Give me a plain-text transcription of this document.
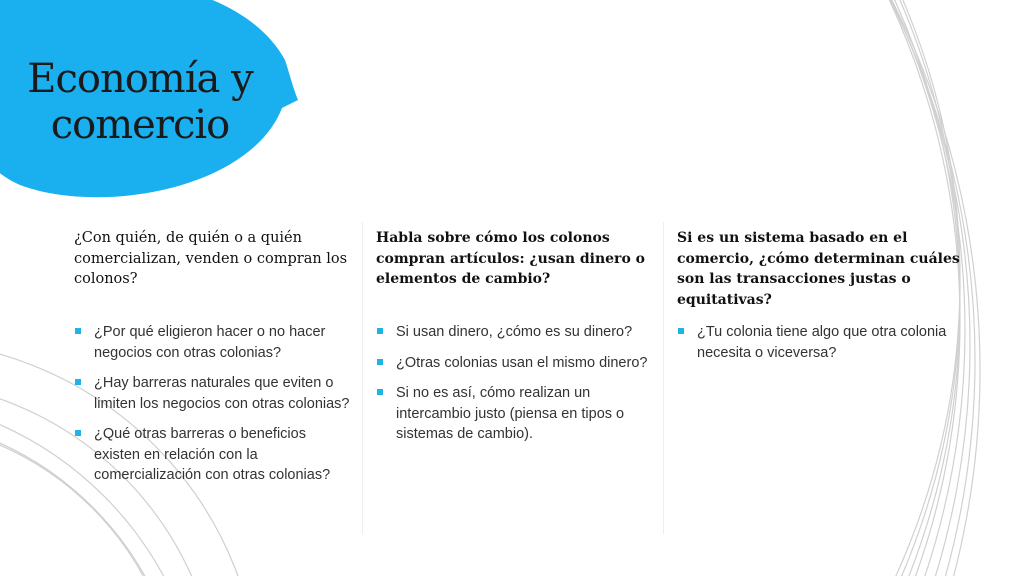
Economía y
comercio
¿Con quién, de quién o a quién comercializan, venden o compran los colonos?
¿Por qué eligieron hacer o no hacer negocios con otras colonias?
¿Hay barreras naturales que eviten o limiten los negocios con otras colonias?
¿Qué otras barreras o beneficios existen en relación con la comercialización con otras colonias?
Habla sobre cómo los colonos compran artículos: ¿usan dinero o elementos de cambio?
Si usan dinero, ¿cómo es su dinero?
¿Otras colonias usan el mismo dinero?
Si no es así, cómo realizan un intercambio justo (piensa en tipos o sistemas de cambio).
Si es un sistema basado en el comercio, ¿cómo determinan cuáles son las transacciones justas o equitativas?
¿Tu colonia tiene algo que otra colonia necesita o viceversa?
